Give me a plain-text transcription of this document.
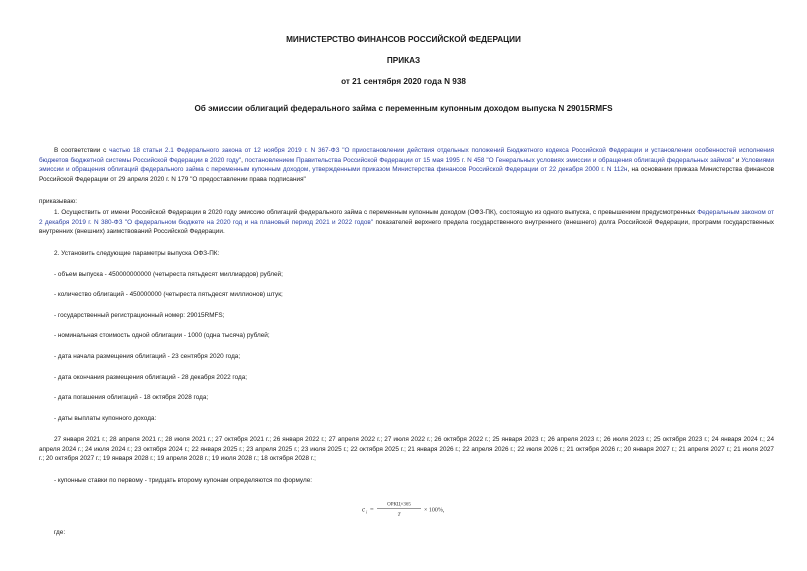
МИНИСТЕРСТВО ФИНАНСОВ РОССИЙСКОЙ ФЕДЕРАЦИИ
ПРИКАЗ
от 21 сентября 2020 года N 938
Об эмиссии облигаций федерального займа с переменным купонным доходом выпуска N 29015RMFS
В соответствии с частью 18 статьи 2.1 Федерального закона от 12 ноября 2019 г. N 367-ФЗ "О приостановлении действия отдельных положений Бюджетного кодекса Российской Федерации и установлении особенностей исполнения бюджетов бюджетной системы Российской Федерации в 2020 году", постановлением Правительства Российской Федерации от 15 мая 1995 г. N 458 "О Генеральных условиях эмиссии и обращения облигаций федеральных займов" и Условиями эмиссии и обращения облигаций федерального займа с переменным купонным доходом, утвержденными приказом Министерства финансов Российской Федерации от 22 декабря 2000 г. N 112н, на основании приказа Министерства финансов Российской Федерации от 29 апреля 2020 г. N 179 "О предоставлении права подписания"
приказываю:
1. Осуществить от имени Российской Федерации в 2020 году эмиссию облигаций федерального займа с переменным купонным доходом (ОФЗ-ПК), состоящую из одного выпуска, с превышением предусмотренных Федеральным законом от 2 декабря 2019 г. N 380-ФЗ "О федеральном бюджете на 2020 год и на плановый период 2021 и 2022 годов" показателей верхнего предела государственного внутреннего (внешнего) долга Российской Федерации, программ государственных внутренних (внешних) заимствований Российской Федерации.
2. Установить следующие параметры выпуска ОФЗ-ПК:
- объем выпуска - 450000000000 (четыреста пятьдесят миллиардов) рублей;
- количество облигаций - 450000000 (четыреста пятьдесят миллионов) штук;
- государственный регистрационный номер: 29015RMFS;
- номинальная стоимость одной облигации - 1000 (одна тысяча) рублей;
- дата начала размещения облигаций - 23 сентября 2020 года;
- дата окончания размещения облигаций - 28 декабря 2022 года;
- дата погашения облигаций - 18 октября 2028 года;
- даты выплаты купонного дохода:
27 января 2021 г.; 28 апреля 2021 г.; 28 июля 2021 г.; 27 октября 2021 г.; 26 января 2022 г.; 27 апреля 2022 г.; 27 июля 2022 г.; 26 октября 2022 г.; 25 января 2023 г.; 26 апреля 2023 г.; 26 июля 2023 г.; 25 октября 2023 г.; 24 января 2024 г.; 24 апреля 2024 г.; 24 июля 2024 г.; 23 октября 2024 г.; 22 января 2025 г.; 23 апреля 2025 г.; 23 июля 2025 г.; 22 октября 2025 г.; 21 января 2026 г.; 22 апреля 2026 г.; 22 июля 2026 г.; 21 октября 2026 г.; 20 января 2027 г.; 21 апреля 2027 г.; 21 июля 2027 г.; 20 октября 2027 г.; 19 января 2028 г.; 19 апреля 2028 г.; 19 июля 2028 г.; 18 октября 2028 г.;
- купонные ставки по первому - тридцать второму купонам определяются по формуле:
c i =
ОРКЦ×365
T
× 100%,
где:
